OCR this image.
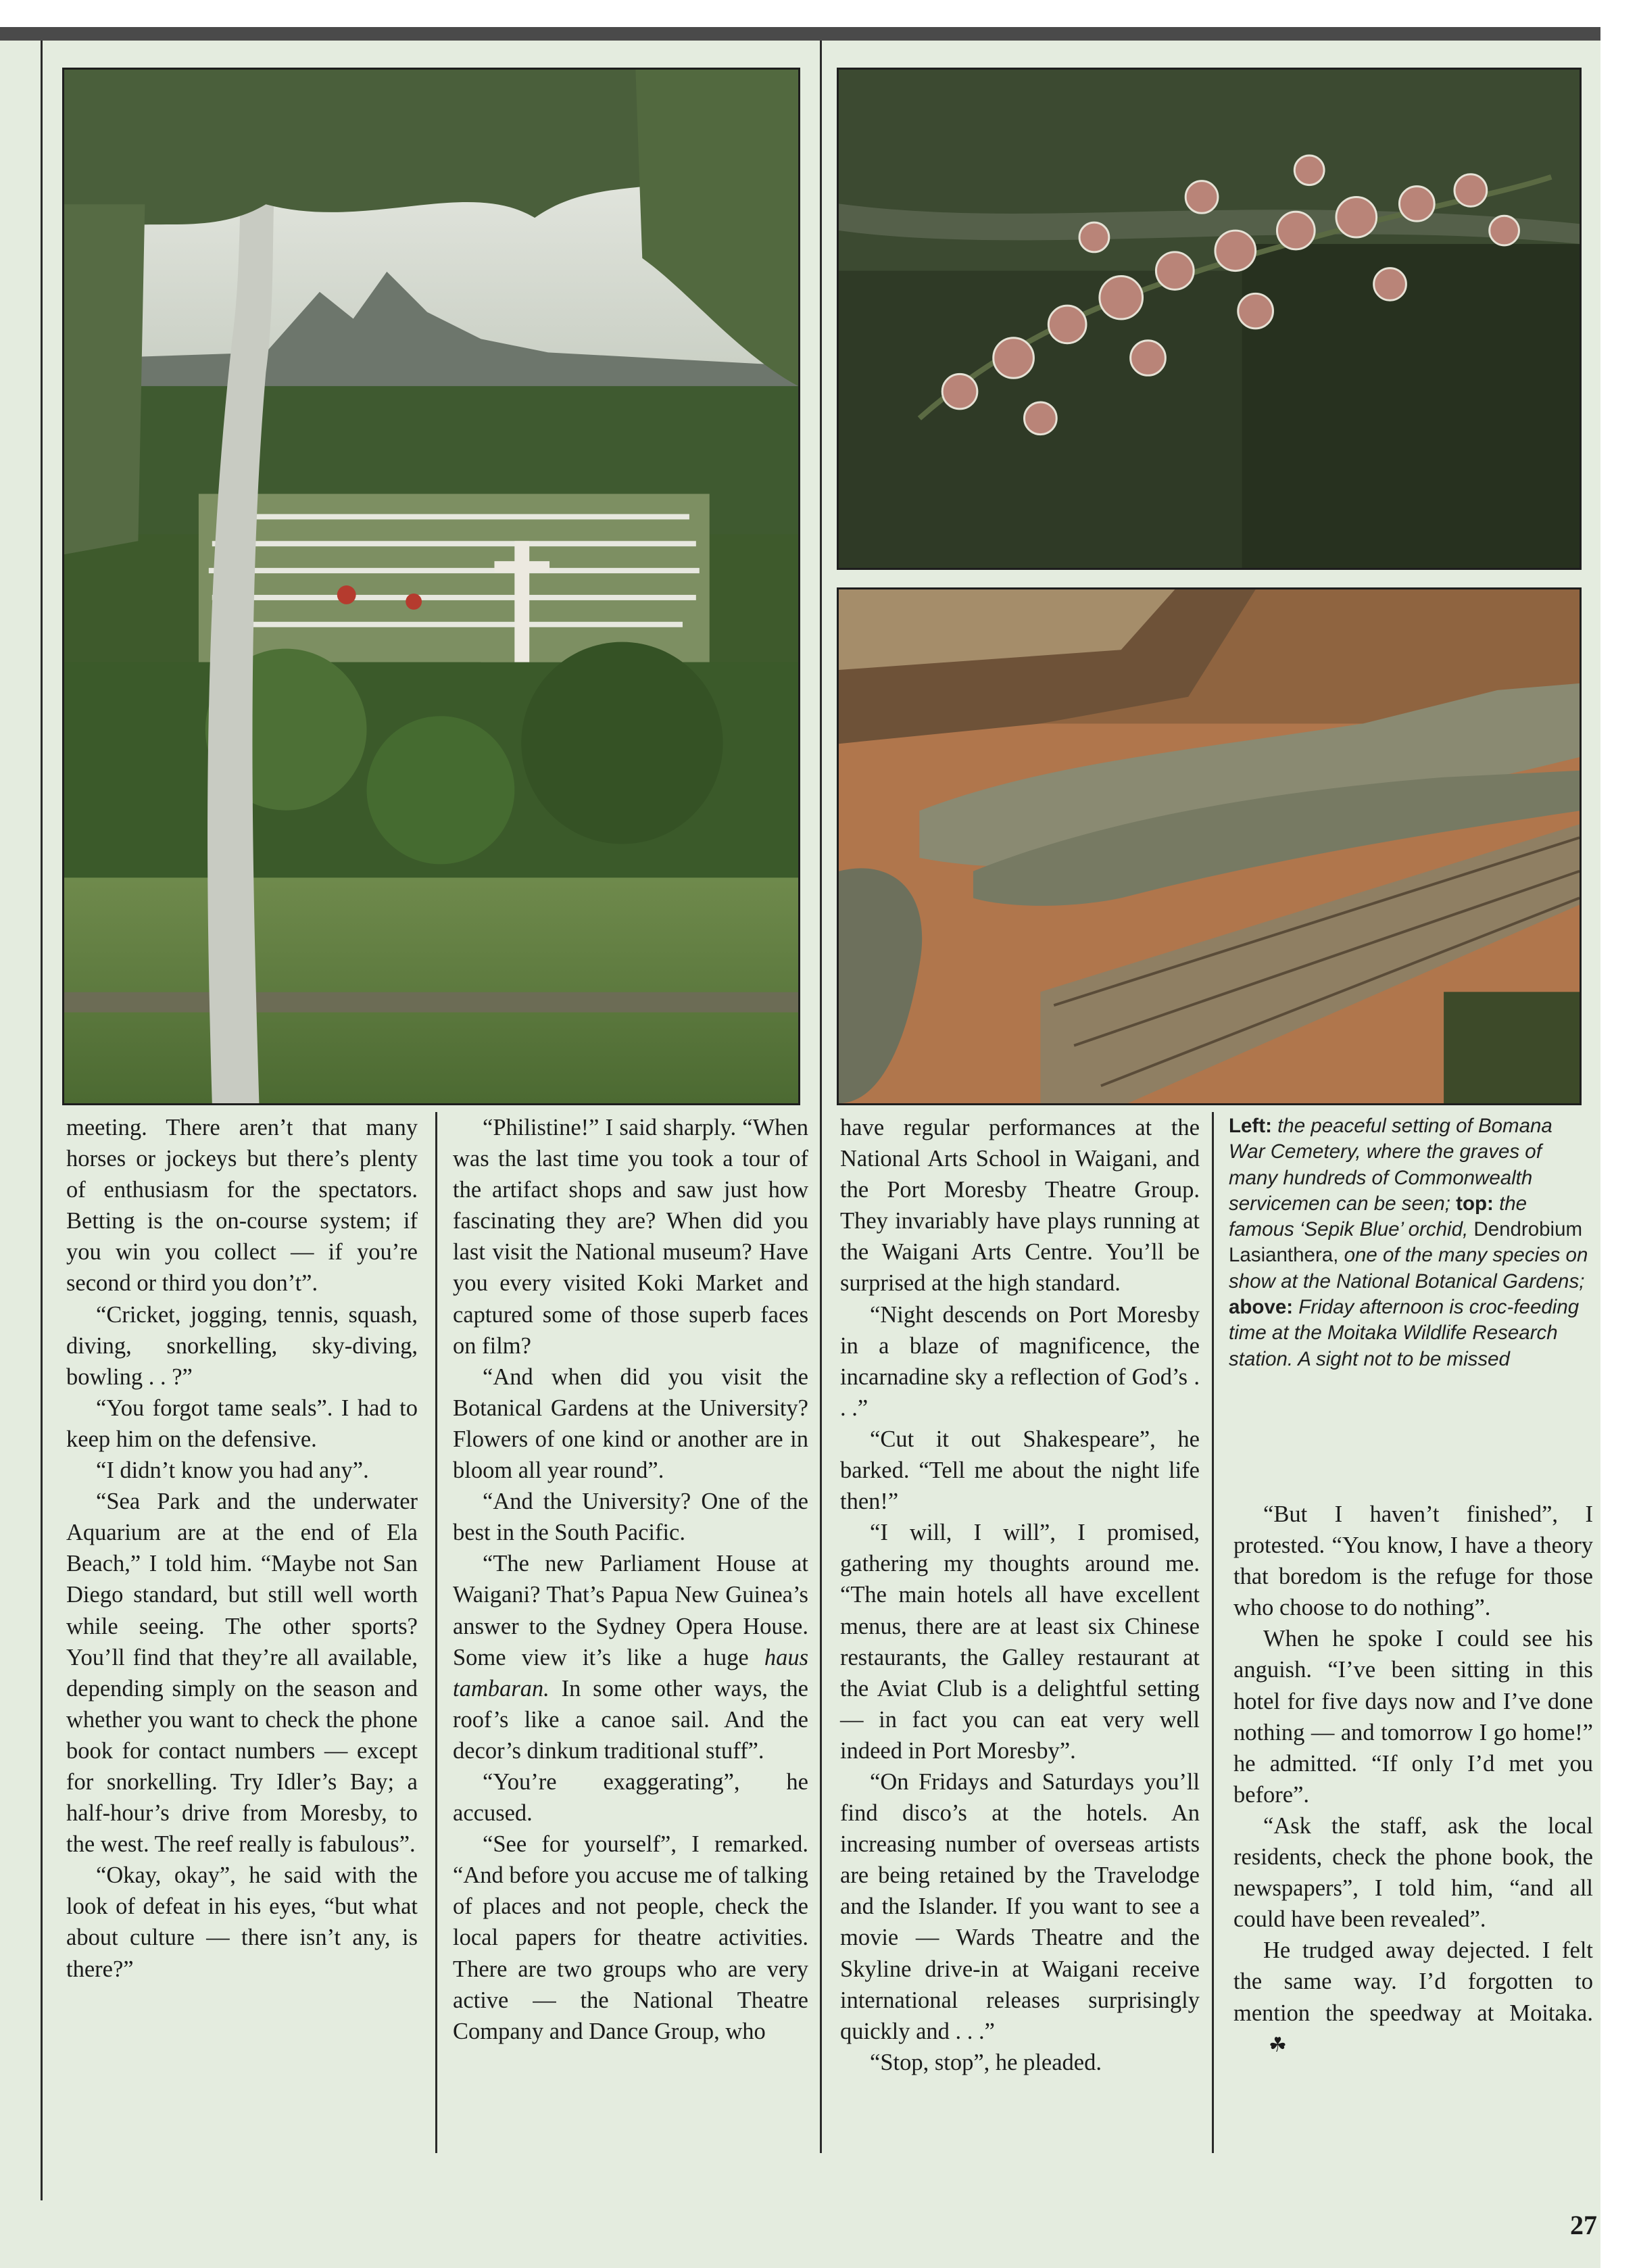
meeting. There aren’t that many horses or jockeys but there’s plenty of enthusiasm for the spectators. Betting is the on-course system; if you win you collect — if you’re second or third you don’t”.

“Cricket, jogging, tennis, squash, diving, snorkelling, sky-diving, bowling . . ?”

“You forgot tame seals”. I had to keep him on the defensive.

“I didn’t know you had any”.

“Sea Park and the underwater Aquarium are at the end of Ela Beach,” I told him. “Maybe not San Diego standard, but still well worth while seeing. The other sports? You’ll find that they’re all available, depending simply on the season and whether you want to check the phone book for contact numbers — except for snorkelling. Try Idler’s Bay; a half-hour’s drive from Moresby, to the west. The reef really is fabulous”.

“Okay, okay”, he said with the look of defeat in his eyes, “but what about culture — there isn’t any, is there?”

“Philistine!” I said sharply. “When was the last time you took a tour of the artifact shops and saw just how fascinating they are? When did you last visit the National museum? Have you every visited Koki Market and captured some of those superb faces on film?

“And when did you visit the Botanical Gardens at the University? Flowers of one kind or another are in bloom all year round”.

“And the University? One of the best in the South Pacific.

“The new Parliament House at Waigani? That’s Papua New Guinea’s answer to the Sydney Opera House. Some view it’s like a huge haus tambaran. In some other ways, the roof’s like a canoe sail. And the decor’s dinkum traditional stuff”.

“You’re exaggerating”, he accused.

“See for yourself”, I remarked. “And before you accuse me of talking of places and not people, check the local papers for theatre activities. There are two groups who are very active — the National Theatre Company and Dance Group, who

have regular performances at the National Arts School in Waigani, and the Port Moresby Theatre Group. They invariably have plays running at the Waigani Arts Centre. You’ll be surprised at the high standard.

“Night descends on Port Moresby in a blaze of magnificence, the incarnadine sky a reflection of God’s . . .”

“Cut it out Shakespeare”, he barked. “Tell me about the night life then!”

“I will, I will”, I promised, gathering my thoughts around me. “The main hotels all have excellent menus, there are at least six Chinese restaurants, the Galley restaurant at the Aviat Club is a delightful setting — in fact you can eat very well indeed in Port Moresby”.

“On Fridays and Saturdays you’ll find disco’s at the hotels. An increasing number of overseas artists are being retained by the Travelodge and the Islander. If you want to see a movie — Wards Theatre and the Skyline drive-in at Waigani receive international releases surprisingly quickly and . . .”

“Stop, stop”, he pleaded.

Left: the peaceful setting of Bomana War Cemetery, where the graves of many hundreds of Commonwealth servicemen can be seen; top: the famous ‘Sepik Blue’ orchid, Dendrobium Lasianthera, one of the many species on show at the National Botanical Gardens; above: Friday afternoon is croc-feeding time at the Moitaka Wildlife Research station. A sight not to be missed

“But I haven’t finished”, I protested. “You know, I have a theory that boredom is the refuge for those who choose to do nothing”.

When he spoke I could see his anguish. “I’ve been sitting in this hotel for five days now and I’ve done nothing — and tomorrow I go home!” he admitted. “If only I’d met you before”.

“Ask the staff, ask the local residents, check the phone book, the newspapers”, I told him, “and all could have been revealed”.

He trudged away dejected. I felt the same way. I’d forgotten to mention the speedway at Moitaka.☘

27
